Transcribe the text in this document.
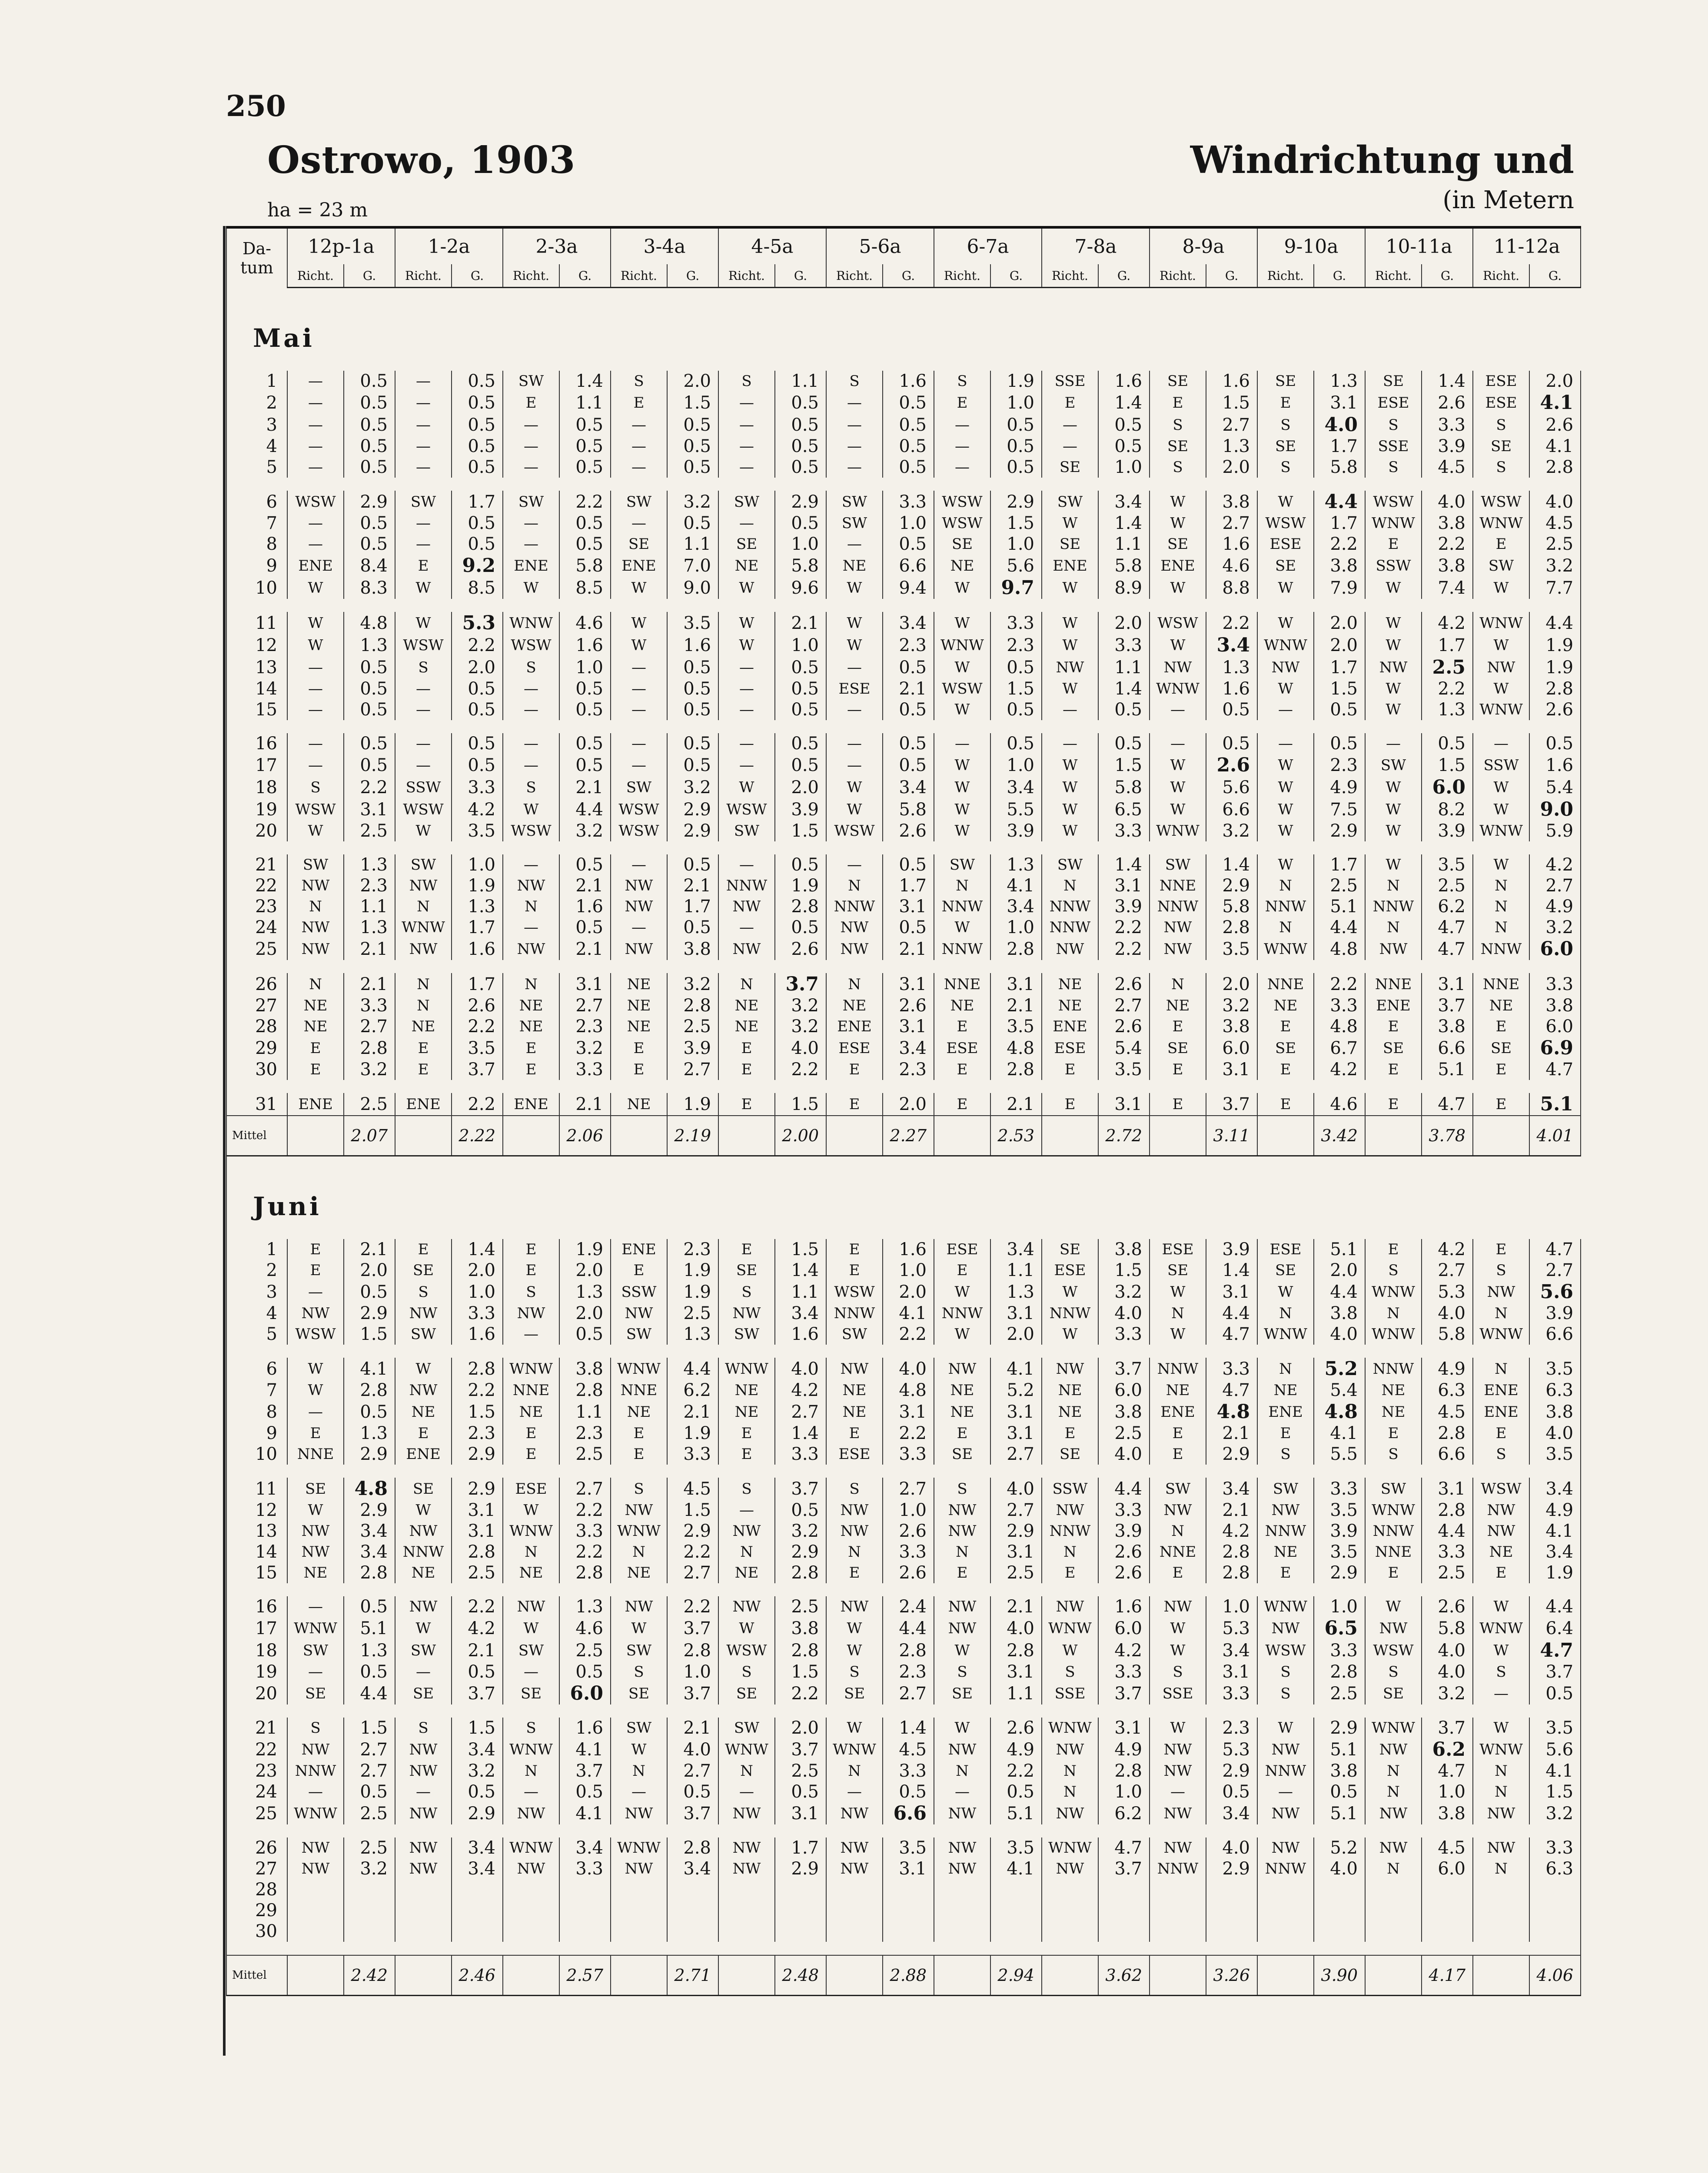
250
Ostrowo, 1903	Windrichtung und
ha = 23 m	(in Metern
Da-
tum	12p-1a		1-2a		2-3a		3-4a		4-5a		5-6a		6-7a		7-8a		8-9a		9-10a		10-11a		11-12a	
	Richt.	G.	Richt.	G.	Richt.	G.	Richt.	G.	Richt.	G.	Richt.	G.	Richt.	G.	Richt.	G.	Richt.	G.	Richt.	G.	Richt.	G.	Richt.	G.
Mai																								
1	—	0.5	—	0.5	SW	1.4	S	2.0	S	1.1	S	1.6	S	1.9	SSE	1.6	SE	1.6	SE	1.3	SE	1.4	ESE	2.0
2	—	0.5	—	0.5	E	1.1	E	1.5	—	0.5	—	0.5	E	1.0	E	1.4	E	1.5	E	3.1	ESE	2.6	ESE	4.1
3	—	0.5	—	0.5	—	0.5	—	0.5	—	0.5	—	0.5	—	0.5	—	0.5	S	2.7	S	4.0	S	3.3	S	2.6
4	—	0.5	—	0.5	—	0.5	—	0.5	—	0.5	—	0.5	—	0.5	—	0.5	SE	1.3	SE	1.7	SSE	3.9	SE	4.1
5	—	0.5	—	0.5	—	0.5	—	0.5	—	0.5	—	0.5	—	0.5	SE	1.0	S	2.0	S	5.8	S	4.5	S	2.8

6	WSW	2.9	SW	1.7	SW	2.2	SW	3.2	SW	2.9	SW	3.3	WSW	2.9	SW	3.4	W	3.8	W	4.4	WSW	4.0	WSW	4.0
7	—	0.5	—	0.5	—	0.5	—	0.5	—	0.5	SW	1.0	WSW	1.5	W	1.4	W	2.7	WSW	1.7	WNW	3.8	WNW	4.5
8	—	0.5	—	0.5	—	0.5	SE	1.1	SE	1.0	—	0.5	SE	1.0	SE	1.1	SE	1.6	ESE	2.2	E	2.2	E	2.5
9	ENE	8.4	E	9.2	ENE	5.8	ENE	7.0	NE	5.8	NE	6.6	NE	5.6	ENE	5.8	ENE	4.6	SE	3.8	SSW	3.8	SW	3.2
10	W	8.3	W	8.5	W	8.5	W	9.0	W	9.6	W	9.4	W	9.7	W	8.9	W	8.8	W	7.9	W	7.4	W	7.7

11	W	4.8	W	5.3	WNW	4.6	W	3.5	W	2.1	W	3.4	W	3.3	W	2.0	WSW	2.2	W	2.0	W	4.2	WNW	4.4
12	W	1.3	WSW	2.2	WSW	1.6	W	1.6	W	1.0	W	2.3	WNW	2.3	W	3.3	W	3.4	WNW	2.0	W	1.7	W	1.9
13	—	0.5	S	2.0	S	1.0	—	0.5	—	0.5	—	0.5	W	0.5	NW	1.1	NW	1.3	NW	1.7	NW	2.5	NW	1.9
14	—	0.5	—	0.5	—	0.5	—	0.5	—	0.5	ESE	2.1	WSW	1.5	W	1.4	WNW	1.6	W	1.5	W	2.2	W	2.8
15	—	0.5	—	0.5	—	0.5	—	0.5	—	0.5	—	0.5	W	0.5	—	0.5	—	0.5	—	0.5	W	1.3	WNW	2.6

16	—	0.5	—	0.5	—	0.5	—	0.5	—	0.5	—	0.5	—	0.5	—	0.5	—	0.5	—	0.5	—	0.5	—	0.5
17	—	0.5	—	0.5	—	0.5	—	0.5	—	0.5	—	0.5	W	1.0	W	1.5	W	2.6	W	2.3	SW	1.5	SSW	1.6
18	S	2.2	SSW	3.3	S	2.1	SW	3.2	W	2.0	W	3.4	W	3.4	W	5.8	W	5.6	W	4.9	W	6.0	W	5.4
19	WSW	3.1	WSW	4.2	W	4.4	WSW	2.9	WSW	3.9	W	5.8	W	5.5	W	6.5	W	6.6	W	7.5	W	8.2	W	9.0
20	W	2.5	W	3.5	WSW	3.2	WSW	2.9	SW	1.5	WSW	2.6	W	3.9	W	3.3	WNW	3.2	W	2.9	W	3.9	WNW	5.9

21	SW	1.3	SW	1.0	—	0.5	—	0.5	—	0.5	—	0.5	SW	1.3	SW	1.4	SW	1.4	W	1.7	W	3.5	W	4.2
22	NW	2.3	NW	1.9	NW	2.1	NW	2.1	NNW	1.9	N	1.7	N	4.1	N	3.1	NNE	2.9	N	2.5	N	2.5	N	2.7
23	N	1.1	N	1.3	N	1.6	NW	1.7	NW	2.8	NNW	3.1	NNW	3.4	NNW	3.9	NNW	5.8	NNW	5.1	NNW	6.2	N	4.9
24	NW	1.3	WNW	1.7	—	0.5	—	0.5	—	0.5	NW	0.5	W	1.0	NNW	2.2	NW	2.8	N	4.4	N	4.7	N	3.2
25	NW	2.1	NW	1.6	NW	2.1	NW	3.8	NW	2.6	NW	2.1	NNW	2.8	NW	2.2	NW	3.5	WNW	4.8	NW	4.7	NNW	6.0

26	N	2.1	N	1.7	N	3.1	NE	3.2	N	3.7	N	3.1	NNE	3.1	NE	2.6	N	2.0	NNE	2.2	NNE	3.1	NNE	3.3
27	NE	3.3	N	2.6	NE	2.7	NE	2.8	NE	3.2	NE	2.6	NE	2.1	NE	2.7	NE	3.2	NE	3.3	ENE	3.7	NE	3.8
28	NE	2.7	NE	2.2	NE	2.3	NE	2.5	NE	3.2	ENE	3.1	E	3.5	ENE	2.6	E	3.8	E	4.8	E	3.8	E	6.0
29	E	2.8	E	3.5	E	3.2	E	3.9	E	4.0	ESE	3.4	ESE	4.8	ESE	5.4	SE	6.0	SE	6.7	SE	6.6	SE	6.9
30	E	3.2	E	3.7	E	3.3	E	2.7	E	2.2	E	2.3	E	2.8	E	3.5	E	3.1	E	4.2	E	5.1	E	4.7

31	ENE	2.5	ENE	2.2	ENE	2.1	NE	1.9	E	1.5	E	2.0	E	2.1	E	3.1	E	3.7	E	4.6	E	4.7	E	5.1
Mittel		2.07		2.22		2.06		2.19		2.00		2.27		2.53		2.72		3.11		3.42		3.78		4.01
Juni																								
1	E	2.1	E	1.4	E	1.9	ENE	2.3	E	1.5	E	1.6	ESE	3.4	SE	3.8	ESE	3.9	ESE	5.1	E	4.2	E	4.7
2	E	2.0	SE	2.0	E	2.0	E	1.9	SE	1.4	E	1.0	E	1.1	ESE	1.5	SE	1.4	SE	2.0	S	2.7	S	2.7
3	—	0.5	S	1.0	S	1.3	SSW	1.9	S	1.1	WSW	2.0	W	1.3	W	3.2	W	3.1	W	4.4	WNW	5.3	NW	5.6
4	NW	2.9	NW	3.3	NW	2.0	NW	2.5	NW	3.4	NNW	4.1	NNW	3.1	NNW	4.0	N	4.4	N	3.8	N	4.0	N	3.9
5	WSW	1.5	SW	1.6	—	0.5	SW	1.3	SW	1.6	SW	2.2	W	2.0	W	3.3	W	4.7	WNW	4.0	WNW	5.8	WNW	6.6

6	W	4.1	W	2.8	WNW	3.8	WNW	4.4	WNW	4.0	NW	4.0	NW	4.1	NW	3.7	NNW	3.3	N	5.2	NNW	4.9	N	3.5
7	W	2.8	NW	2.2	NNE	2.8	NNE	6.2	NE	4.2	NE	4.8	NE	5.2	NE	6.0	NE	4.7	NE	5.4	NE	6.3	ENE	6.3
8	—	0.5	NE	1.5	NE	1.1	NE	2.1	NE	2.7	NE	3.1	NE	3.1	NE	3.8	ENE	4.8	ENE	4.8	NE	4.5	ENE	3.8
9	E	1.3	E	2.3	E	2.3	E	1.9	E	1.4	E	2.2	E	3.1	E	2.5	E	2.1	E	4.1	E	2.8	E	4.0
10	NNE	2.9	ENE	2.9	E	2.5	E	3.3	E	3.3	ESE	3.3	SE	2.7	SE	4.0	E	2.9	S	5.5	S	6.6	S	3.5

11	SE	4.8	SE	2.9	ESE	2.7	S	4.5	S	3.7	S	2.7	S	4.0	SSW	4.4	SW	3.4	SW	3.3	SW	3.1	WSW	3.4
12	W	2.9	W	3.1	W	2.2	NW	1.5	—	0.5	NW	1.0	NW	2.7	NW	3.3	NW	2.1	NW	3.5	WNW	2.8	NW	4.9
13	NW	3.4	NW	3.1	WNW	3.3	WNW	2.9	NW	3.2	NW	2.6	NW	2.9	NNW	3.9	N	4.2	NNW	3.9	NNW	4.4	NW	4.1
14	NW	3.4	NNW	2.8	N	2.2	N	2.2	N	2.9	N	3.3	N	3.1	N	2.6	NNE	2.8	NE	3.5	NNE	3.3	NE	3.4
15	NE	2.8	NE	2.5	NE	2.8	NE	2.7	NE	2.8	E	2.6	E	2.5	E	2.6	E	2.8	E	2.9	E	2.5	E	1.9

16	—	0.5	NW	2.2	NW	1.3	NW	2.2	NW	2.5	NW	2.4	NW	2.1	NW	1.6	NW	1.0	WNW	1.0	W	2.6	W	4.4
17	WNW	5.1	W	4.2	W	4.6	W	3.7	W	3.8	W	4.4	NW	4.0	WNW	6.0	W	5.3	NW	6.5	NW	5.8	WNW	6.4
18	SW	1.3	SW	2.1	SW	2.5	SW	2.8	WSW	2.8	W	2.8	W	2.8	W	4.2	W	3.4	WSW	3.3	WSW	4.0	W	4.7
19	—	0.5	—	0.5	—	0.5	S	1.0	S	1.5	S	2.3	S	3.1	S	3.3	S	3.1	S	2.8	S	4.0	S	3.7
20	SE	4.4	SE	3.7	SE	6.0	SE	3.7	SE	2.2	SE	2.7	SE	1.1	SSE	3.7	SSE	3.3	S	2.5	SE	3.2	—	0.5

21	S	1.5	S	1.5	S	1.6	SW	2.1	SW	2.0	W	1.4	W	2.6	WNW	3.1	W	2.3	W	2.9	WNW	3.7	W	3.5
22	NW	2.7	NW	3.4	WNW	4.1	W	4.0	WNW	3.7	WNW	4.5	NW	4.9	NW	4.9	NW	5.3	NW	5.1	NW	6.2	WNW	5.6
23	NNW	2.7	NW	3.2	N	3.7	N	2.7	N	2.5	N	3.3	N	2.2	N	2.8	NW	2.9	NNW	3.8	N	4.7	N	4.1
24	—	0.5	—	0.5	—	0.5	—	0.5	—	0.5	—	0.5	—	0.5	N	1.0	—	0.5	—	0.5	N	1.0	N	1.5
25	WNW	2.5	NW	2.9	NW	4.1	NW	3.7	NW	3.1	NW	6.6	NW	5.1	NW	6.2	NW	3.4	NW	5.1	NW	3.8	NW	3.2

26	NW	2.5	NW	3.4	WNW	3.4	WNW	2.8	NW	1.7	NW	3.5	NW	3.5	WNW	4.7	NW	4.0	NW	5.2	NW	4.5	NW	3.3
27	NW	3.2	NW	3.4	NW	3.3	NW	3.4	NW	2.9	NW	3.1	NW	4.1	NW	3.7	NNW	2.9	NNW	4.0	N	6.0	N	6.3
28																								
29																								
30																								

Mittel		2.42		2.46		2.57		2.71		2.48		2.88		2.94		3.62		3.26		3.90		4.17		4.06
